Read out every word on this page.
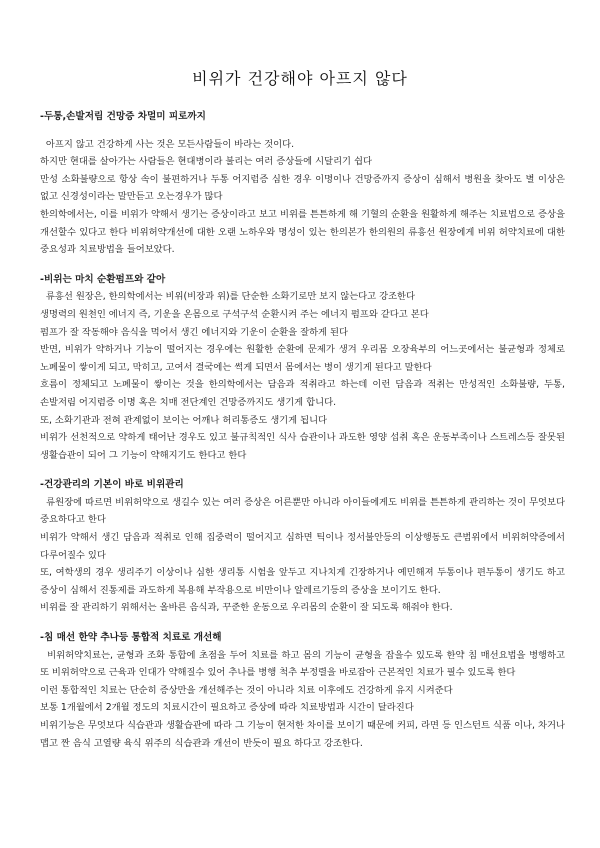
비위가 건강해야 아프지 않다

-두통,손발저림 건망증 차멀미 피로까지

아프지 않고 건강하게 사는 것은 모든사람들이 바라는 것이다.

하지만 현대를 살아가는 사람들은 현대병이라 불리는 여러 증상들에 시달리기 쉽다

만성 소화불량으로 항상 속이 불편하거나 두통 어지럼증 심한 경우 이명이나 건망증까지 증상이 심해서 병원을 찾아도 별 이상은 없고 신경성이라는 말만듣고 오는경우가 많다

한의학에서는, 이를 비위가 약해서 생기는 증상이라고 보고 비위를 튼튼하게 해 기혈의 순환을 원활하게 해주는 치료법으로 증상을 개선할수 있다고 한다 비위허약개선에 대한 오랜 노하우와 명성이 있는 한의본가 한의원의 류흥선 원장에게 비위 허약치료에 대한 중요성과 치료방법을 들어보았다.

-비위는 마치 순환펌프와 같아

류흥선 원장은, 한의학에서는 비위(비장과 위)를 단순한 소화기로만 보지 않는다고 강조한다

생명력의 원천인 에너지 즉, 기운을 온몸으로 구석구석 순환시켜 주는 에너지 펌프와 같다고 본다

펌프가 잘 작동해야 음식을 먹어서 생긴 에너지와 기운이 순환을 잘하게 된다

반면, 비위가 약하거나 기능이 떨어지는 경우에는 원활한 순환에 문제가 생겨 우리몸 오장육부의 어느곳에서는 불균형과 정체로 노폐물이 쌓이게 되고, 막히고, 고여서 결국에는 썩게 되면서 몸에서는 병이 생기게 된다고 말한다

흐름이 정체되고 노폐물이 쌓이는 것을 한의학에서는 담음과 적취라고 하는데 이런 담음과 적취는 만성적인 소화불량, 두통, 손발저림 어지럼증 이명 혹은 치매 전단계인 건망증까지도 생기게 합니다.

또, 소화기관과 전혀 관계없이 보이는 어깨나 허리통증도 생기게 됩니다

비위가 선천적으로 약하게 태어난 경우도 있고 불규칙적인 식사 습관이나 과도한 영양 섭취 혹은 운동부족이나 스트레스등 잘못된 생활습관이 되어 그 기능이 약해지기도 한다고 한다

-건강관리의 기본이 바로 비위관리

류원장에 따르면 비위허약으로 생길수 있는 여러 증상은 어른뿐만 아니라 아이들에게도 비위를 튼튼하게 관리하는 것이 무엇보다 중요하다고 한다

비위가 약해서 생긴 담음과 적취로 인해 집중력이 떨어지고 심하면 틱이나 정서불안등의 이상행동도 큰범위에서 비위허약증에서 다루어질수 있다

또, 여학생의 경우 생리주기 이상이나 심한 생리통 시험을 앞두고 지나치게 긴장하거나 예민해져 두통이나 편두통이 생기도 하고 증상이 심해서 진통제를 과도하게 복용해 부작용으로 비만이나 알레르기등의 증상을 보이기도 한다.

비위를 잘 관리하기 위해서는 올바른 음식과, 꾸준한 운동으로 우리몸의 순환이 잘 되도록 해줘야 한다.

-침 매선 한약 추나등 통합적 치료로 개선해

비위허약치료는, 균형과 조화 통합에 초점을 두어 치료를 하고 몸의 기능이 균형을 잡을수 있도록 한약 침 매선요법을 병행하고 또 비위허약으로 근육과 인대가 약해질수 있어 추나를 병행 척추 부정렬을 바로잡아 근본적인 치료가 필수 있도록 한다

이런 통합적인 치료는 단순히 증상만을 개선해주는 것이 아니라 치료 이후에도 건강하게 유지 시켜준다

보통 1개월에서 2개월 정도의 치료시간이 필요하고 증상에 따라 치료방법과 시간이 달라진다

비위기능은 무엇보다 식습관과 생활습관에 따라 그 기능이 현저한 차이를 보이기 때문에 커피, 라면 등 인스턴트 식품 이나, 차거나 맵고 짠 음식 고열량 육식 위주의 식습관과 개선이 반듯이 필요 하다고 강조한다.
